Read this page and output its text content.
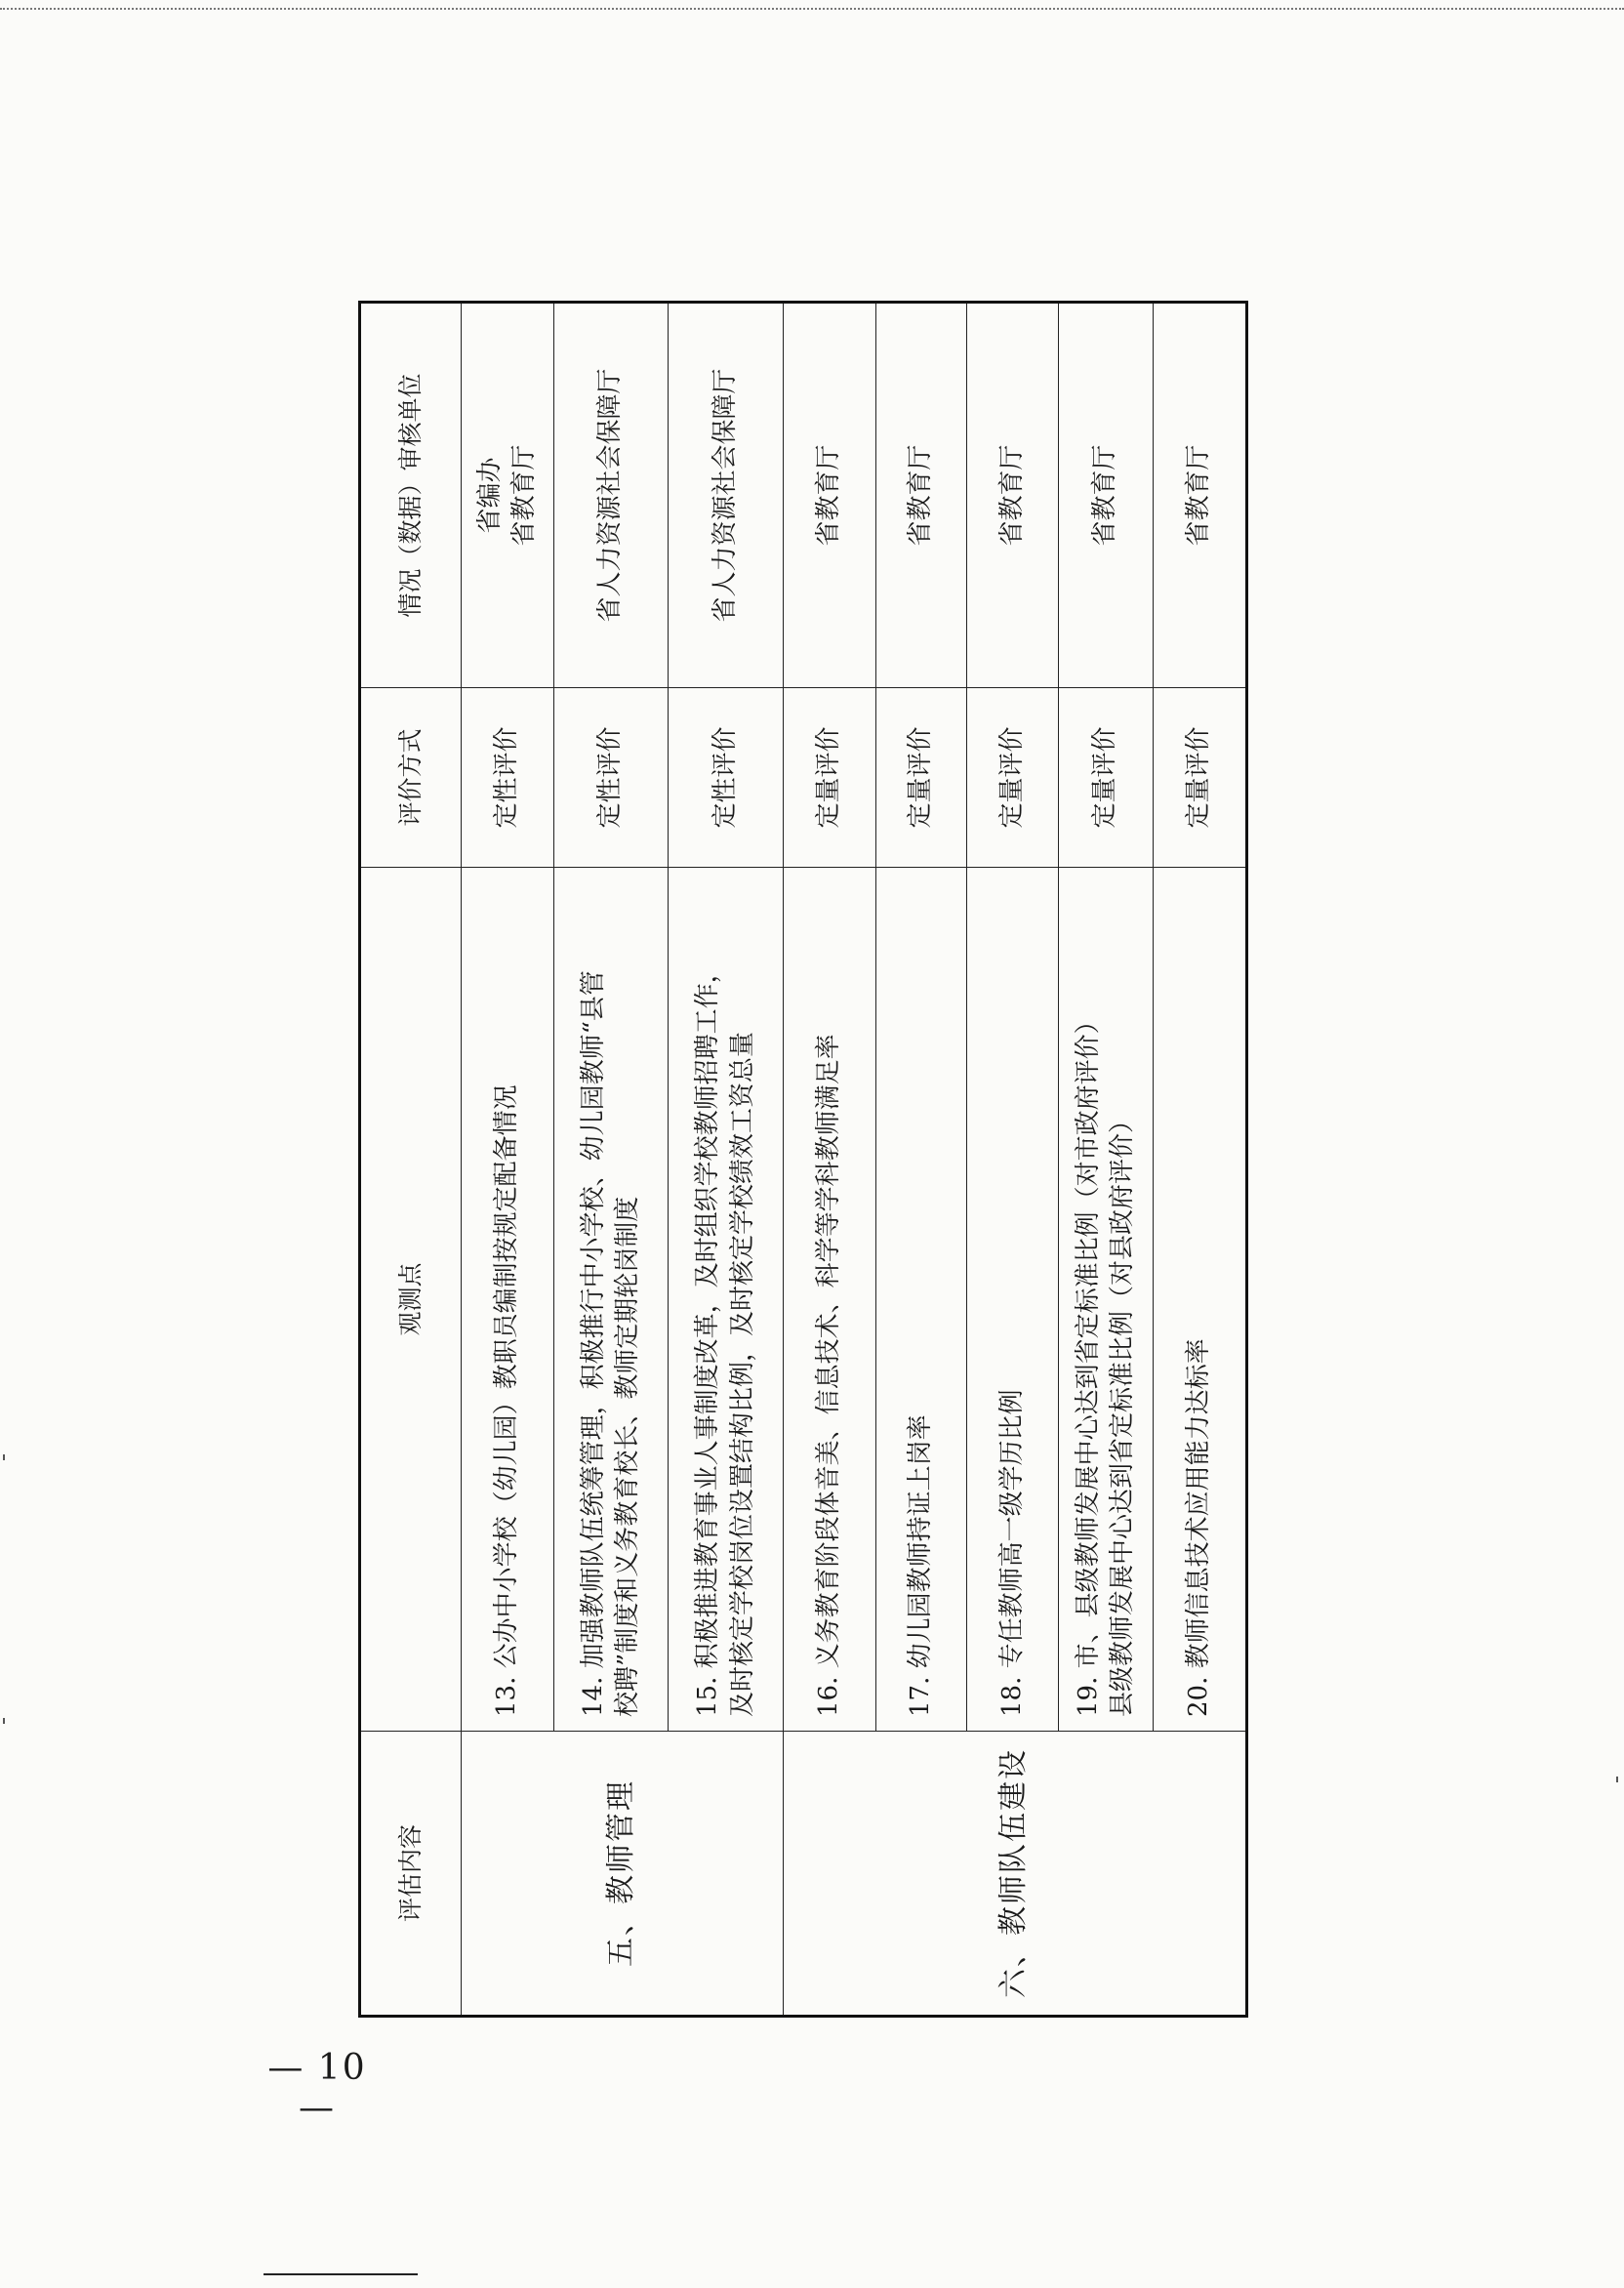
评估内容	观测点	评价方式	情况（数据）审核单位
五、教师管理	13. 公办中小学校（幼儿园）教职员编制按规定配备情况	定性评价	省编办 省教育厅

	14. 加强教师队伍统筹管理，积极推行中小学校、幼儿园教师“县管 校聘”制度和义务教育校长、教师定期轮岗制度	定性评价	省人力资源社会保障厅

	15. 积极推进教育事业人事制度改革，及时组织学校教师招聘工作， 及时核定学校岗位设置结构比例，及时核定学校绩效工资总量	定性评价	省人力资源社会保障厅
六、教师队伍建设	16. 义务教育阶段体音美、信息技术、科学等学科教师满足率	定量评价	省教育厅
	17. 幼儿园教师持证上岗率	定量评价	省教育厅
	18. 专任教师高一级学历比例	定量评价	省教育厅

	19. 市、县级教师发展中心达到省定标准比例（对市政府评价） 县级教师发展中心达到省定标准比例（对县政府评价）	定量评价	省教育厅
	20. 教师信息技术应用能力达标率	定量评价	省教育厅
— 10 —
